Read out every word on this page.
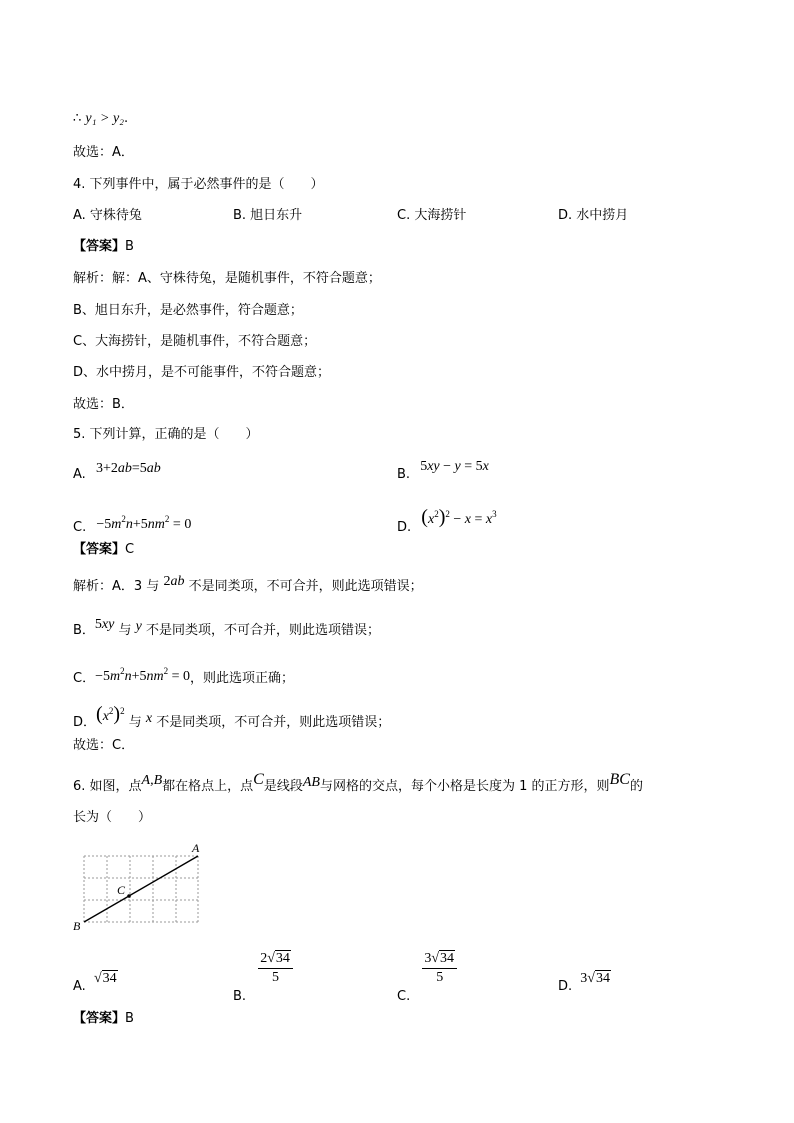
∴ y₁ > y₂.
故选：A．
4. 下列事件中，属于必然事件的是（　　）
A. 守株待兔	B. 旭日东升	C. 大海捞针	D. 水中捞月
【答案】B
解析：解：A、守株待兔，是随机事件，不符合题意；
B、旭日东升，是必然事件，符合题意；
C、大海捞针，是随机事件，不符合题意；
D、水中捞月，是不可能事件，不符合题意；
故选：B．
5. 下列计算，正确的是（　　）
A. 3+2ab=5ab	B. 5xy − y = 5x
C. $-5m^2n+5nm^2 = 0$	D. $(x^2)^2 - x = x^3$
【答案】C
解析：A．3 与 2ab 不是同类项，不可合并，则此选项错误；
B．5xy 与 y 不是同类项，不可合并，则此选项错误；
C．$-5m^2n+5nm^2 = 0$，则此选项正确；
D．$(x^2)^2$ 与 x 不是同类项，不可合并，则此选项错误；
故选：C．
6. 如图，点A,B都在格点上，点C是线段AB与网格的交点，每个小格是长度为 1 的正方形，则BC的
长为（　　）
A
B
C
A. √34
B.
$\frac{2√34}{5}$
C.
$\frac{3√34}{5}$	D. 3√34
【答案】B
